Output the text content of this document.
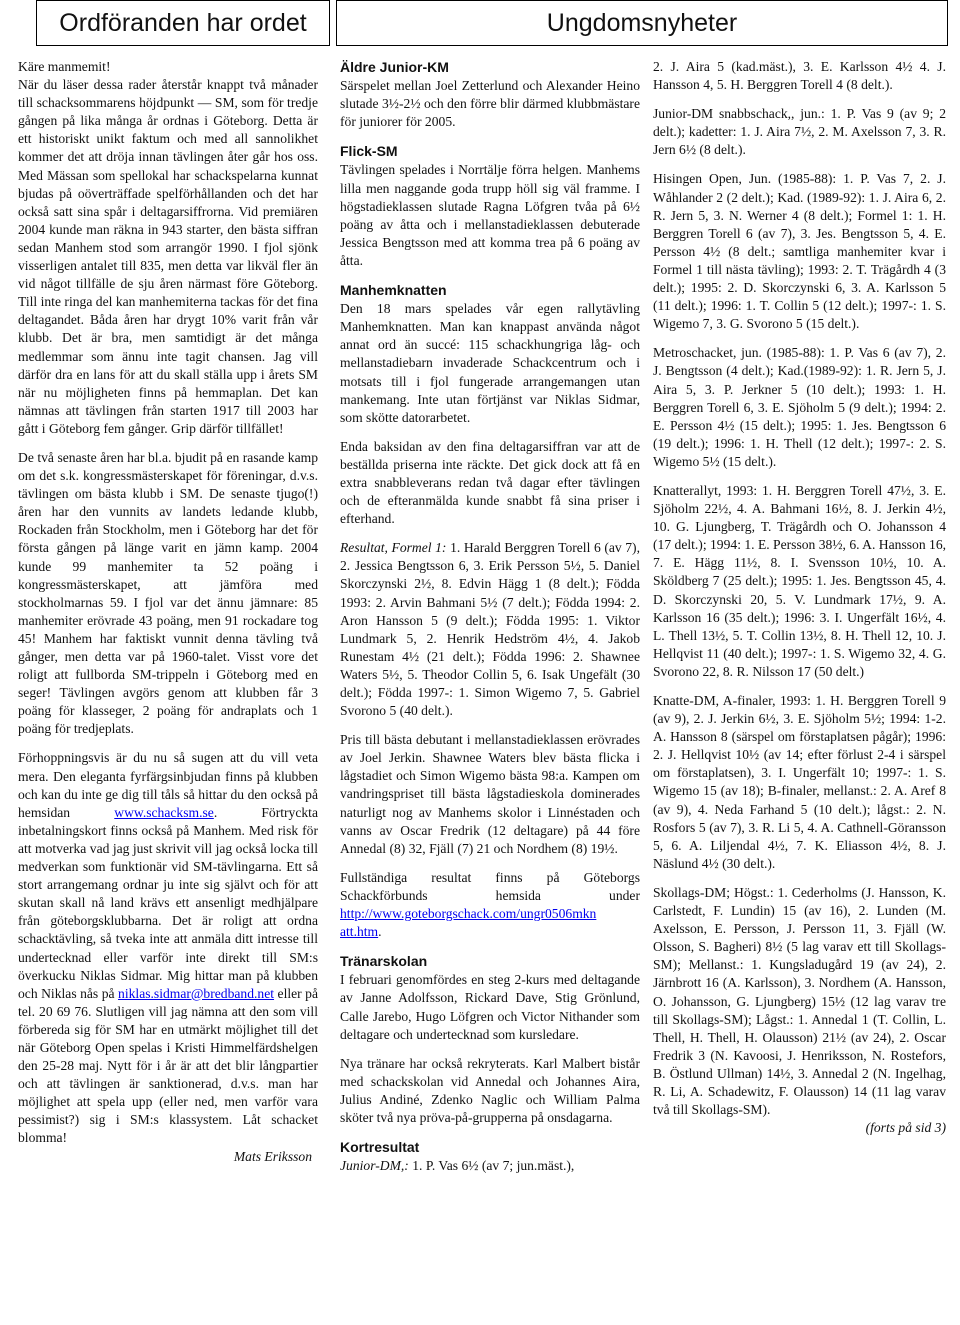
Ordföranden har ordet	Ungdomsnyheter

Käre manmemit!

När du läser dessa rader återstår knappt två månader till schacksommarens höjdpunkt — SM, som för tredje gången på lika många år ordnas i Göteborg. Detta är ett historiskt unikt faktum och med all sannolikhet kommer det att dröja innan tävlingen åter går hos oss. Med Mässan som spellokal har schackspelarna kunnat bjudas på oöverträffade spelförhållanden och det har också satt sina spår i deltagarsiffrorna. Vid premiären 2004 kunde man räkna in 943 starter, den bästa siffran sedan Manhem stod som arrangör 1990. I fjol sjönk visserligen antalet till 835, men detta var likväl fler än vid något tillfälle de sju åren närmast före Göteborg. Till inte ringa del kan manhemiterna tackas för det fina deltagandet. Båda åren har drygt 10% varit från vår klubb. Det är bra, men samtidigt är det många medlemmar som ännu inte tagit chansen. Jag vill därför dra en lans för att du skall ställa upp i årets SM när nu möjligheten finns på hemmaplan. Det kan nämnas att tävlingen från starten 1917 till 2003 har gått i Göteborg fem gånger. Grip därför tillfället!

De två senaste åren har bl.a. bjudit på en rasande kamp om det s.k. kongressmästerskapet för föreningar, d.v.s. tävlingen om bästa klubb i SM. De senaste tjugo(!) åren har den vunnits av landets ledande klubb, Rockaden från Stockholm, men i Göteborg har det för första gången på länge varit en jämn kamp. 2004 kunde 99 manhemiter ta 52 poäng i kongressmästerskapet, att jämföra med stockholmarnas 59. I fjol var det ännu jämnare: 85 manhemiter erövrade 43 poäng, men 91 rockadare tog 45! Manhem har faktiskt vunnit denna tävling två gånger, men detta var på 1960-talet. Visst vore det roligt att fullborda SM-trippeln i Göteborg med en seger! Tävlingen avgörs genom att klubben får 3 poäng för klasseger, 2 poäng för andraplats och 1 poäng för tredjeplats.

Förhoppningsvis är du nu så sugen att du vill veta mera. Den eleganta fyrfärgsinbjudan finns på klubben och kan du inte ge dig till tåls så hittar du den också på hemsidan	www.schacksm.se. Förtryckta inbetalningskort finns också på Manhem. Med risk för att motverka vad jag just skrivit vill jag också locka till medverkan som funktionär vid SM-tävlingarna. Ett så stort arrangemang ordnar ju inte sig självt och för att skutan skall nå land krävs ett ansenligt medhjälpare från göteborgsklubbarna. Det är roligt att ordna schacktävling, så tveka inte att anmäla ditt intresse till undertecknad eller varför inte direkt till SM:s överkucku Niklas Sidmar. Mig hittar man på klubben och Niklas nås på niklas.sidmar@bredband.net eller på tel. 20 69 76. Slutligen vill jag nämna att den som vill förbereda sig för SM har en utmärkt möjlighet till det när Göteborg Open spelas i Kristi Himmelfärdshelgen den 25-28 maj. Nytt för i år är att det blir långpartier och att tävlingen är sanktionerad, d.v.s. man har möjlighet att spela upp (eller ned, men varför vara pessimist?) sig i SM:s klassystem. Låt schacket blomma!

Mats Eriksson
Äldre Junior-KM

Särspelet mellan Joel Zetterlund och Alexander Heino slutade 3½-2½ och den förre blir därmed klubbmästare för juniorer för 2005.

Flick-SM

Tävlingen spelades i Norrtälje förra helgen. Manhems lilla men naggande goda trupp höll sig väl framme. I högstadieklassen slutade Ragna Löfgren tvåa på 6½ poäng av åtta och i mellanstadieklassen debuterade Jessica Bengtsson med att komma trea på 6 poäng av åtta.

Manhemknatten

Den 18 mars spelades vår egen rallytävling Manhemknatten. Man kan knappast använda något annat ord än succé: 115 schackhungriga låg- och mellanstadiebarn invaderade Schackcentrum och i motsats till i fjol fungerade arrangemangen utan mankemang. Inte utan förtjänst var Niklas Sidmar, som skötte datorarbetet.

Enda baksidan av den fina deltagarsiffran var att de beställda priserna inte räckte. Det gick dock att få en extra snabbleverans redan två dagar efter tävlingen och de efteranmälda kunde snabbt få sina priser i efterhand.

Resultat, Formel 1: 1. Harald Berggren Torell 6 (av 7), 2. Jessica Bengtsson 6, 3. Erik Persson 5½, 5. Daniel Skorczynski 2½, 8. Edvin Hägg 1 (8 delt.); Födda 1993: 2. Arvin Bahmani 5½ (7 delt.); Födda 1994: 2. Aron Hansson 5 (9 delt.); Födda 1995: 1. Viktor Lundmark 5, 2. Henrik Hedström 4½, 4. Jakob Runestam 4½ (21 delt.); Födda 1996: 2. Shawnee Waters 5½, 5. Theodor Collin 5, 6. Isak Ungefält (30 delt.); Födda 1997-: 1. Simon Wigemo 7, 5. Gabriel Svorono 5 (40 delt.).

Pris till bästa debutant i mellanstadieklassen erövrades av Joel Jerkin. Shawnee Waters blev bästa flicka i lågstadiet och Simon Wigemo bästa 98:a. Kampen om vandringspriset till bästa lågstadieskola dominerades naturligt nog av Manhems skolor i Linnéstaden och vanns av Oscar Fredrik (12 deltagare) på 44 före Annedal (8) 32, Fjäll (7) 21 och Nordhem (8) 19½.

Fullständiga resultat finns på Göteborgs Schackförbunds hemsida under http://www.goteborgschack.com/ungr0506mkn att.htm.

Tränarskolan

I februari genomfördes en steg 2-kurs med deltagande av Janne Adolfsson, Rickard Dave, Stig Grönlund, Calle Jarebo, Hugo Löfgren och Victor Nithander som deltagare och undertecknad som kursledare.

Nya tränare har också rekryterats. Karl Malbert bistår med schackskolan vid Annedal och Johannes Aira, Julius Andiné, Zdenko Naglic och William Palma sköter två nya pröva-på-grupperna på onsdagarna.

Kortresultat

Junior-DM,: 1. P. Vas 6½ (av 7; jun.mäst.),

2. J. Aira 5 (kad.mäst.), 3. E. Karlsson 4½ 4. J. Hansson 4, 5. H. Berggren Torell 4 (8 delt.).

Junior-DM snabbschack,, jun.: 1. P. Vas 9 (av 9; 2 delt.); kadetter: 1. J. Aira 7½, 2. M. Axelsson 7, 3. R. Jern 6½ (8 delt.).

Hisingen Open, Jun. (1985-88): 1. P. Vas 7, 2. J. Wåhlander 2 (2 delt.); Kad. (1989-92): 1. J. Aira 6, 2. R. Jern 5, 3. N. Werner 4 (8 delt.); Formel 1: 1. H. Berggren Torell 6 (av 7), 3. Jes. Bengtsson 5, 4. E. Persson 4½ (8 delt.; samtliga manhemiter kvar i Formel 1 till nästa tävling); 1993: 2. T. Trägårdh 4 (3 delt.); 1995: 2. D. Skorczynski 6, 3. A. Karlsson 5 (11 delt.); 1996: 1. T. Collin 5 (12 delt.); 1997-: 1. S. Wigemo 7, 3. G. Svorono 5 (15 delt.).

Metroschacket, jun. (1985-88): 1. P. Vas 6 (av 7), 2. J. Bengtsson (4 delt.); Kad.(1989-92): 1. R. Jern 5, J. Aira 5, 3. P. Jerkner 5 (10 delt.); 1993: 1. H. Berggren Torell 6, 3. E. Sjöholm 5 (9 delt.); 1994: 2. E. Persson 4½ (15 delt.); 1995: 1. Jes. Bengtsson 6 (19 delt.); 1996: 1. H. Thell (12 delt.); 1997-: 2. S. Wigemo 5½ (15 delt.).

Knatterallyt, 1993: 1. H. Berggren Torell 47½, 3. E. Sjöholm 22½, 4. A. Bahmani 16½, 8. J. Jerkin 4½, 10. G. Ljungberg, T. Trägårdh och O. Johansson 4 (17 delt.); 1994: 1. E. Persson 38½, 6. A. Hansson 16, 7. E. Hägg 11½, 8. I. Svensson 10½, 10. A. Sköldberg 7 (25 delt.); 1995: 1. Jes. Bengtsson 45, 4. D. Skorczynski 20, 5. V. Lundmark 17½, 9. A. Karlsson 16 (35 delt.); 1996: 3. I. Ungerfält 16½, 4. L. Thell 13½, 5. T. Collin 13½, 8. H. Thell 12, 10. J. Hellqvist 11 (40 delt.); 1997-: 1. S. Wigemo 32, 4. G. Svorono 22, 8. R. Nilsson 17 (50 delt.)

Knatte-DM, A-finaler, 1993: 1. H. Berggren Torell 9 (av 9), 2. J. Jerkin 6½, 3. E. Sjöholm 5½; 1994: 1-2. A. Hansson 8 (särspel om förstaplatsen pågår); 1996: 2. J. Hellqvist 10½ (av 14; efter förlust 2-4 i särspel om förstaplatsen), 3. I. Ungerfält 10; 1997-: 1. S. Wigemo 15 (av 18); B-finaler, mellanst.: 2. A. Aref 8 (av 9), 4. Neda Farhand 5 (10 delt.); lågst.: 2. N. Rosfors 5 (av 7), 3. R. Li 5, 4. A. Cathnell-Göransson 5, 6. A. Liljendal 4½, 7. K. Eliasson 4½, 8. J. Näslund 4½ (30 delt.).

Skollags-DM; Högst.: 1. Cederholms (J. Hansson, K. Carlstedt, F. Lundin) 15 (av 16), 2. Lunden (M. Axelsson, E. Persson, J. Persson 11, 3. Fjäll (W. Olsson, S. Bagheri) 8½ (5 lag varav ett till Skollags-SM); Mellanst.: 1. Kungsladugård 19 (av 24), 2. Järnbrott 16 (A. Karlsson), 3. Nordhem (A. Hansson, O. Johansson, G. Ljungberg) 15½ (12 lag varav tre till Skollags-SM); Lågst.: 1. Annedal 1 (T. Collin, L. Thell, H. Thell, H. Olausson) 21½ (av 24), 2. Oscar Fredrik 3 (N. Kavoosi, J. Henriksson, N. Rostefors, B. Östlund Ullman) 14½, 3. Annedal 2 (N. Ingelhag, R. Li, A. Schadewitz, F. Olausson) 14 (11 lag varav två till Skollags-SM).

(forts på sid 3)
